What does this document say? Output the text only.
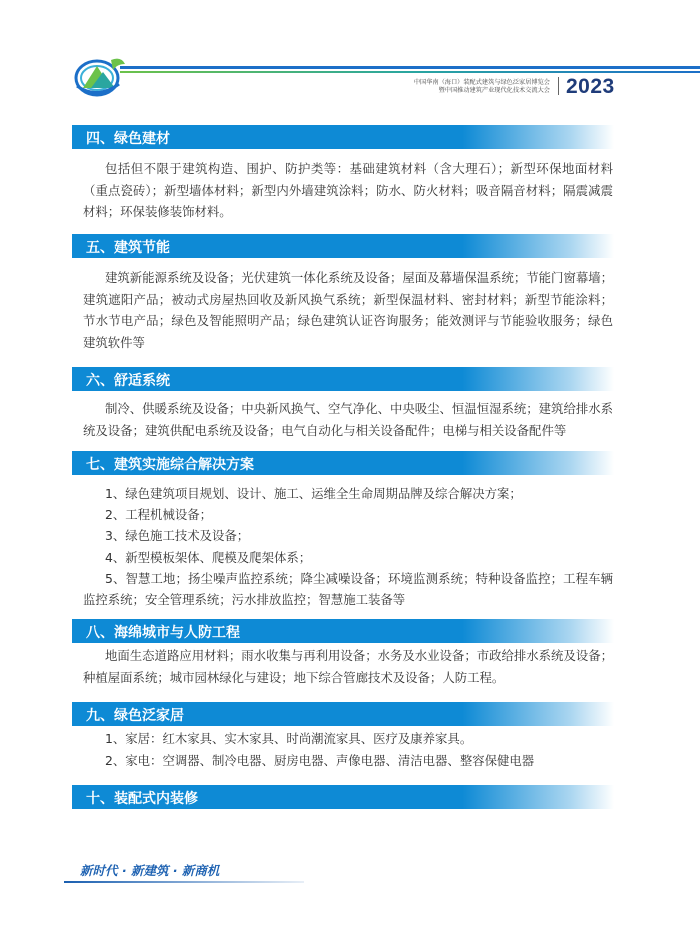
中国华南（海口）装配式建筑与绿色泛家居博览会
暨中国推动建筑产业现代化技术交流大会 2023
四、绿色建材

包括但不限于建筑构造、围护、防护类等：基础建筑材料（含大理石）；新型环保地面材料（重点瓷砖）；新型墙体材料；新型内外墙建筑涂料；防水、防火材料；吸音隔音材料；隔震减震材料；环保装修装饰材料。

五、建筑节能

建筑新能源系统及设备；光伏建筑一体化系统及设备；屋面及幕墙保温系统；节能门窗幕墙；建筑遮阳产品；被动式房屋热回收及新风换气系统；新型保温材料、密封材料；新型节能涂料；节水节电产品；绿色及智能照明产品；绿色建筑认证咨询服务；能效测评与节能验收服务；绿色建筑软件等

六、舒适系统

制冷、供暖系统及设备；中央新风换气、空气净化、中央吸尘、恒温恒湿系统；建筑给排水系统及设备；建筑供配电系统及设备；电气自动化与相关设备配件；电梯与相关设备配件等

七、建筑实施综合解决方案

1、绿色建筑项目规划、设计、施工、运维全生命周期品牌及综合解决方案；

2、工程机械设备；

3、绿色施工技术及设备；

4、新型模板架体、爬模及爬架体系；

5、智慧工地；扬尘噪声监控系统；降尘减噪设备；环境监测系统；特种设备监控；工程车辆监控系统；安全管理系统；污水排放监控；智慧施工装备等

八、海绵城市与人防工程

地面生态道路应用材料；雨水收集与再利用设备；水务及水业设备；市政给排水系统及设备；种植屋面系统；城市园林绿化与建设；地下综合管廊技术及设备；人防工程。

九、绿色泛家居

1、家居：红木家具、实木家具、时尚潮流家具、医疗及康养家具。

2、家电：空调器、制冷电器、厨房电器、声像电器、清洁电器、整容保健电器

十、装配式内装修
新时代 · 新建筑 · 新商机
